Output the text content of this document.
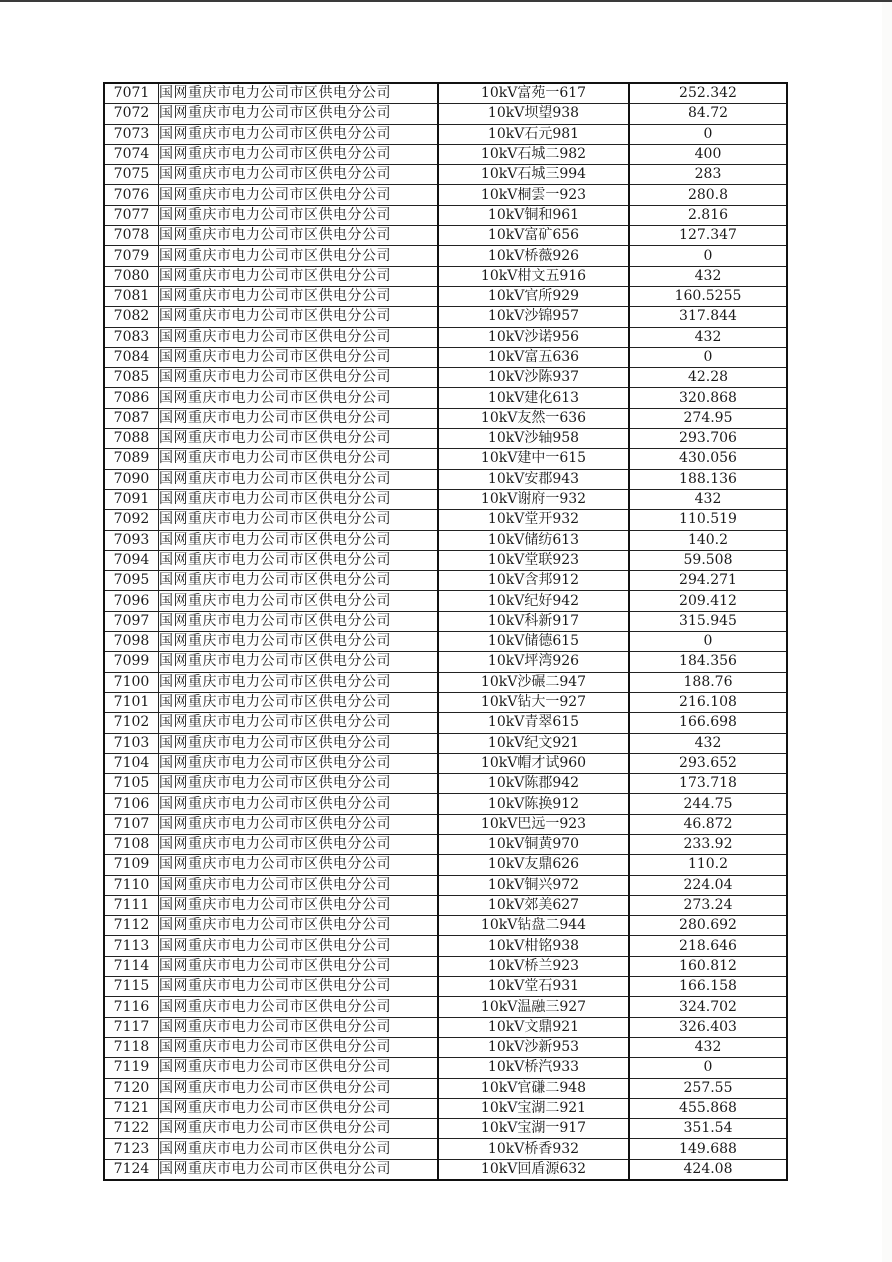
7071	国网重庆市电力公司市区供电分公司	10kV富苑一617	252.342
7072	国网重庆市电力公司市区供电分公司	10kV坝望938	84.72
7073	国网重庆市电力公司市区供电分公司	10kV石元981	0
7074	国网重庆市电力公司市区供电分公司	10kV石城二982	400
7075	国网重庆市电力公司市区供电分公司	10kV石城三994	283
7076	国网重庆市电力公司市区供电分公司	10kV桐雲一923	280.8
7077	国网重庆市电力公司市区供电分公司	10kV铜和961	2.816
7078	国网重庆市电力公司市区供电分公司	10kV富矿656	127.347
7079	国网重庆市电力公司市区供电分公司	10kV桥薇926	0
7080	国网重庆市电力公司市区供电分公司	10kV柑文五916	432
7081	国网重庆市电力公司市区供电分公司	10kV官所929	160.5255
7082	国网重庆市电力公司市区供电分公司	10kV沙锦957	317.844
7083	国网重庆市电力公司市区供电分公司	10kV沙诺956	432
7084	国网重庆市电力公司市区供电分公司	10kV富五636	0
7085	国网重庆市电力公司市区供电分公司	10kV沙陈937	42.28
7086	国网重庆市电力公司市区供电分公司	10kV建化613	320.868
7087	国网重庆市电力公司市区供电分公司	10kV友然一636	274.95
7088	国网重庆市电力公司市区供电分公司	10kV沙轴958	293.706
7089	国网重庆市电力公司市区供电分公司	10kV建中一615	430.056
7090	国网重庆市电力公司市区供电分公司	10kV安郡943	188.136
7091	国网重庆市电力公司市区供电分公司	10kV谢府一932	432
7092	国网重庆市电力公司市区供电分公司	10kV堂开932	110.519
7093	国网重庆市电力公司市区供电分公司	10kV储纺613	140.2
7094	国网重庆市电力公司市区供电分公司	10kV堂联923	59.508
7095	国网重庆市电力公司市区供电分公司	10kV含邦912	294.271
7096	国网重庆市电力公司市区供电分公司	10kV纪好942	209.412
7097	国网重庆市电力公司市区供电分公司	10kV科新917	315.945
7098	国网重庆市电力公司市区供电分公司	10kV储德615	0
7099	国网重庆市电力公司市区供电分公司	10kV坪湾926	184.356
7100	国网重庆市电力公司市区供电分公司	10kV沙碾二947	188.76
7101	国网重庆市电力公司市区供电分公司	10kV钻大一927	216.108
7102	国网重庆市电力公司市区供电分公司	10kV青翠615	166.698
7103	国网重庆市电力公司市区供电分公司	10kV纪文921	432
7104	国网重庆市电力公司市区供电分公司	10kV帽才试960	293.652
7105	国网重庆市电力公司市区供电分公司	10kV陈郡942	173.718
7106	国网重庆市电力公司市区供电分公司	10kV陈换912	244.75
7107	国网重庆市电力公司市区供电分公司	10kV巴远一923	46.872
7108	国网重庆市电力公司市区供电分公司	10kV铜黄970	233.92
7109	国网重庆市电力公司市区供电分公司	10kV友鼎626	110.2
7110	国网重庆市电力公司市区供电分公司	10kV铜兴972	224.04
7111	国网重庆市电力公司市区供电分公司	10kV郊美627	273.24
7112	国网重庆市电力公司市区供电分公司	10kV钻盘二944	280.692
7113	国网重庆市电力公司市区供电分公司	10kV柑铭938	218.646
7114	国网重庆市电力公司市区供电分公司	10kV桥兰923	160.812
7115	国网重庆市电力公司市区供电分公司	10kV堂石931	166.158
7116	国网重庆市电力公司市区供电分公司	10kV温融三927	324.702
7117	国网重庆市电力公司市区供电分公司	10kV文鼎921	326.403
7118	国网重庆市电力公司市区供电分公司	10kV沙新953	432
7119	国网重庆市电力公司市区供电分公司	10kV桥汽933	0
7120	国网重庆市电力公司市区供电分公司	10kV官磏二948	257.55
7121	国网重庆市电力公司市区供电分公司	10kV宝湖二921	455.868
7122	国网重庆市电力公司市区供电分公司	10kV宝湖一917	351.54
7123	国网重庆市电力公司市区供电分公司	10kV桥香932	149.688
7124	国网重庆市电力公司市区供电分公司	10kV回盾源632	424.08
